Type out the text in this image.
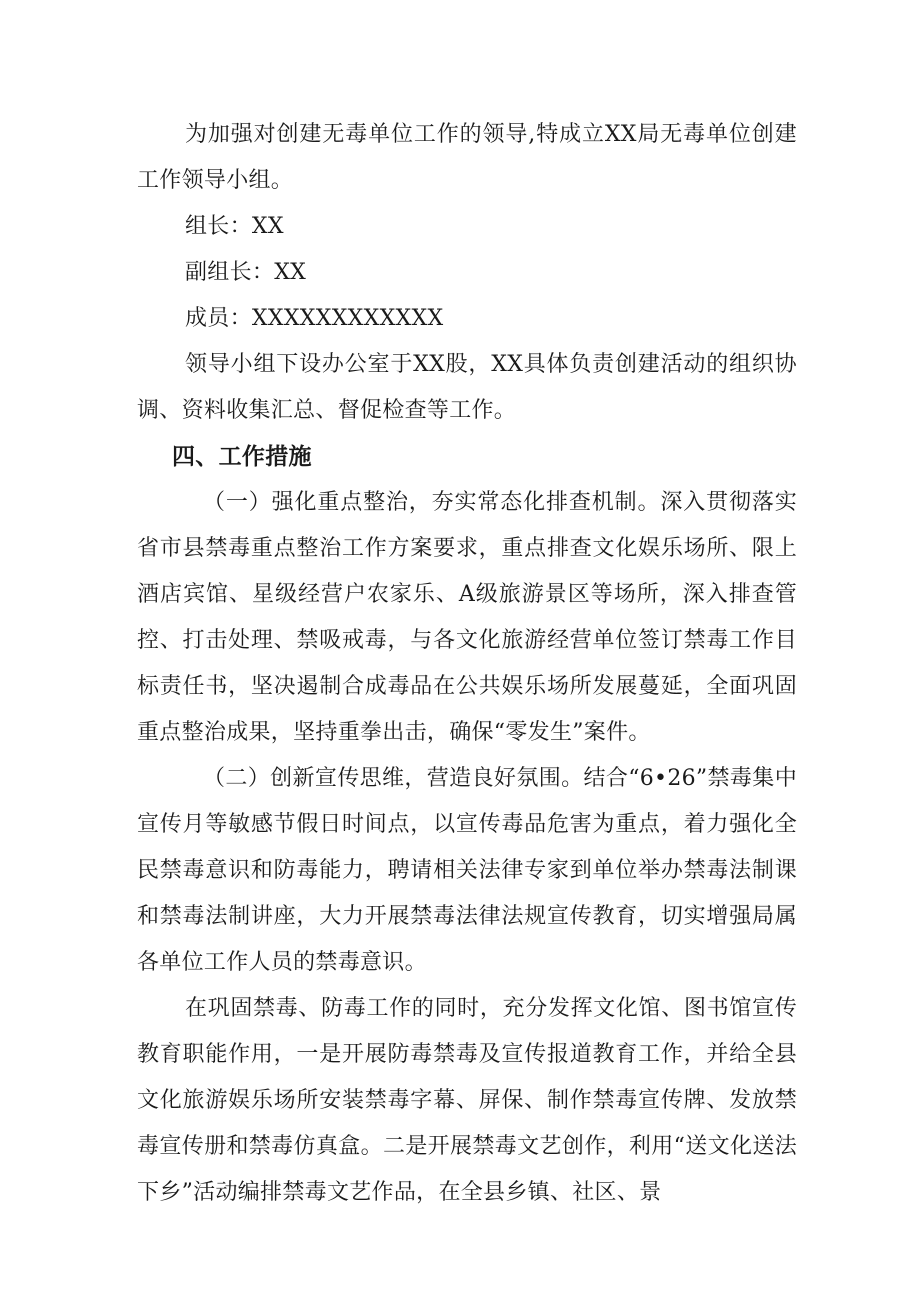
为加强对创建无毒单位工作的领导,特成立XX局无毒单位创建工作领导小组。

组长：XX

副组长：XX

成员：XXXXXXXXXXXX

领导小组下设办公室于XX股，XX具体负责创建活动的组织协调、资料收集汇总、督促检查等工作。

四、工作措施

（一）强化重点整治，夯实常态化排查机制。深入贯彻落实省市县禁毒重点整治工作方案要求，重点排查文化娱乐场所、限上酒店宾馆、星级经营户农家乐、A级旅游景区等场所，深入排查管控、打击处理、禁吸戒毒，与各文化旅游经营单位签订禁毒工作目标责任书，坚决遏制合成毒品在公共娱乐场所发展蔓延，全面巩固重点整治成果，坚持重拳出击，确保“零发生”案件。

（二）创新宣传思维，营造良好氛围。结合“6•26”禁毒集中宣传月等敏感节假日时间点，以宣传毒品危害为重点，着力强化全民禁毒意识和防毒能力，聘请相关法律专家到单位举办禁毒法制课和禁毒法制讲座，大力开展禁毒法律法规宣传教育，切实增强局属各单位工作人员的禁毒意识。

在巩固禁毒、防毒工作的同时，充分发挥文化馆、图书馆宣传教育职能作用，一是开展防毒禁毒及宣传报道教育工作，并给全县文化旅游娱乐场所安装禁毒字幕、屏保、制作禁毒宣传牌、发放禁毒宣传册和禁毒仿真盒。二是开展禁毒文艺创作，利用“送文化送法下乡”活动编排禁毒文艺作品，在全县乡镇、社区、景
